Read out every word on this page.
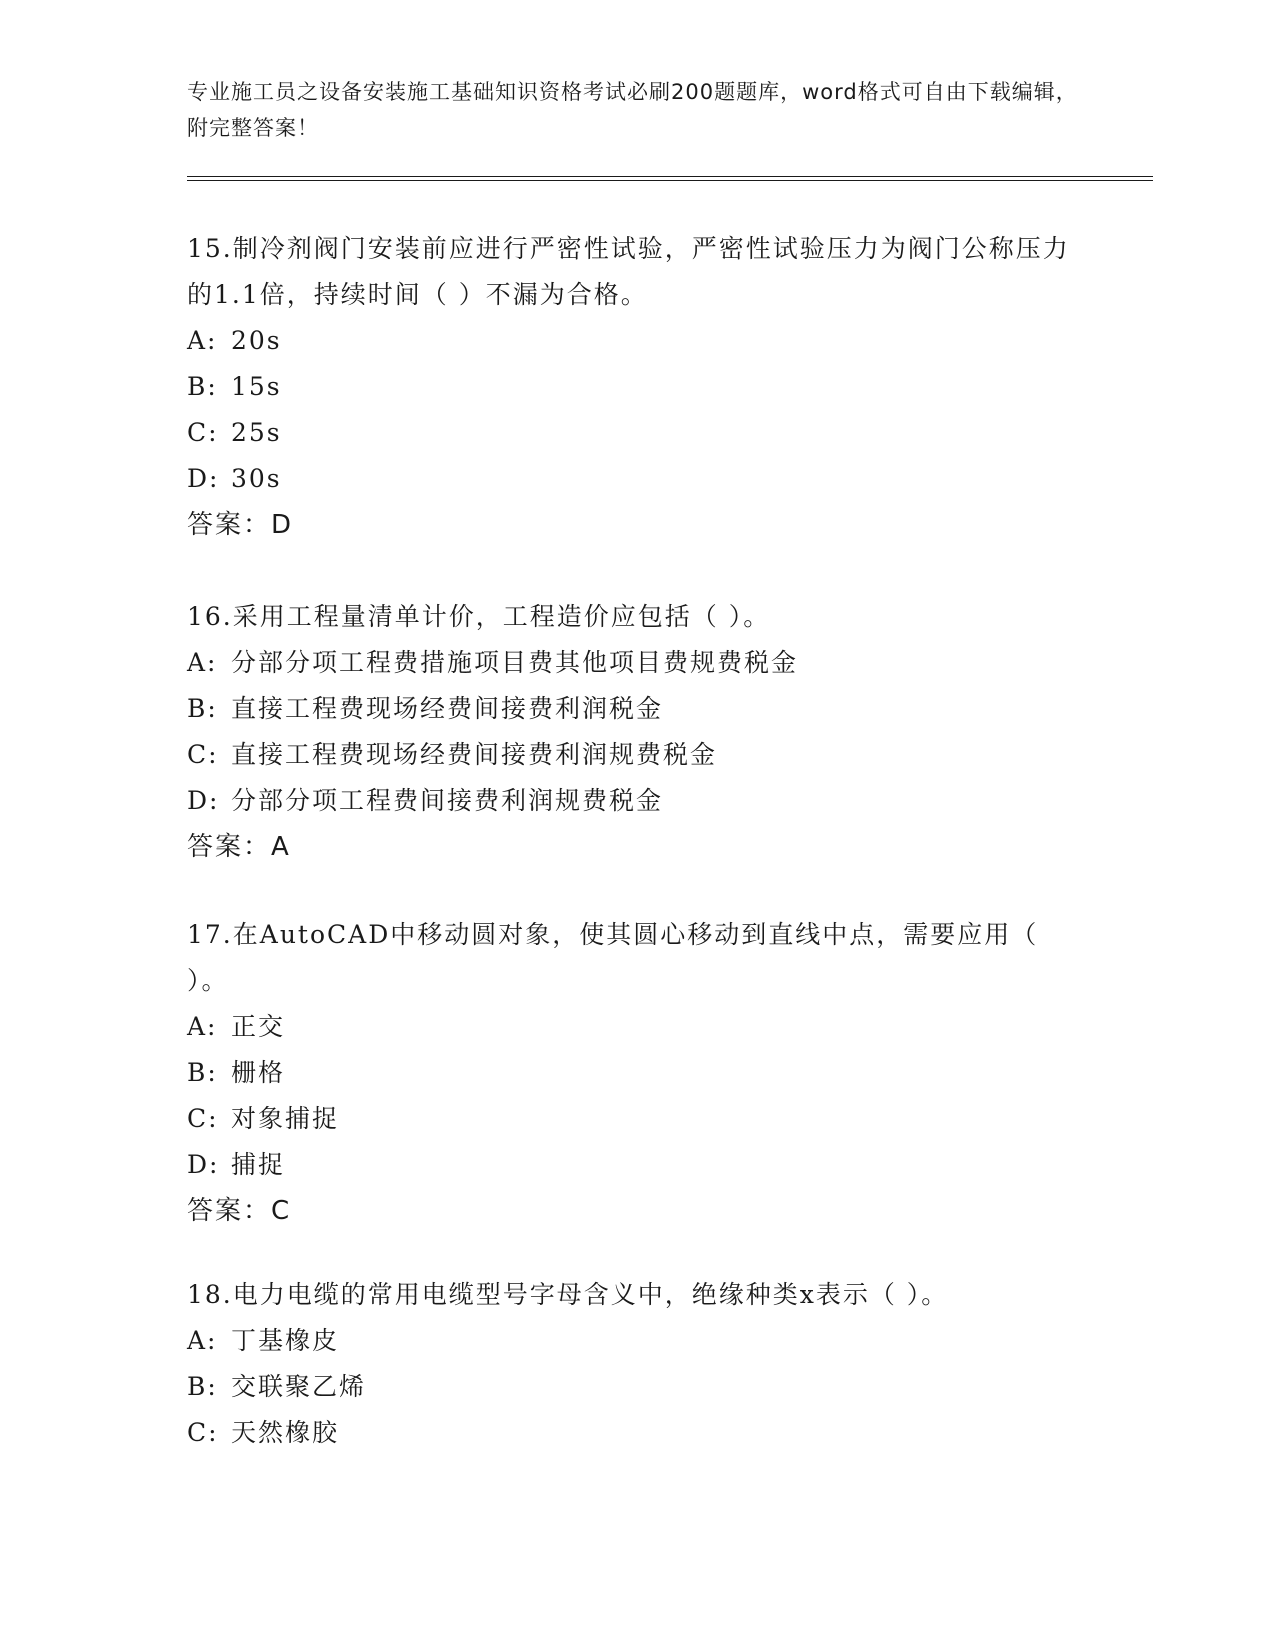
专业施工员之设备安装施工基础知识资格考试必刷200题题库，word格式可自由下载编辑，附完整答案！
15.制冷剂阀门安装前应进行严密性试验，严密性试验压力为阀门公称压力的1.1倍，持续时间（ ）不漏为合格。
A: 20s
B: 15s
C: 25s
D: 30s
答案：D
16.采用工程量清单计价，工程造价应包括（ ）。
A: 分部分项工程费措施项目费其他项目费规费税金
B: 直接工程费现场经费间接费利润税金
C: 直接工程费现场经费间接费利润规费税金
D: 分部分项工程费间接费利润规费税金
答案：A
17.在AutoCAD中移动圆对象，使其圆心移动到直线中点，需要应用（ ）。
A: 正交
B: 栅格
C: 对象捕捉
D: 捕捉
答案：C
18.电力电缆的常用电缆型号字母含义中，绝缘种类x表示（ ）。
A: 丁基橡皮
B: 交联聚乙烯
C: 天然橡胶
